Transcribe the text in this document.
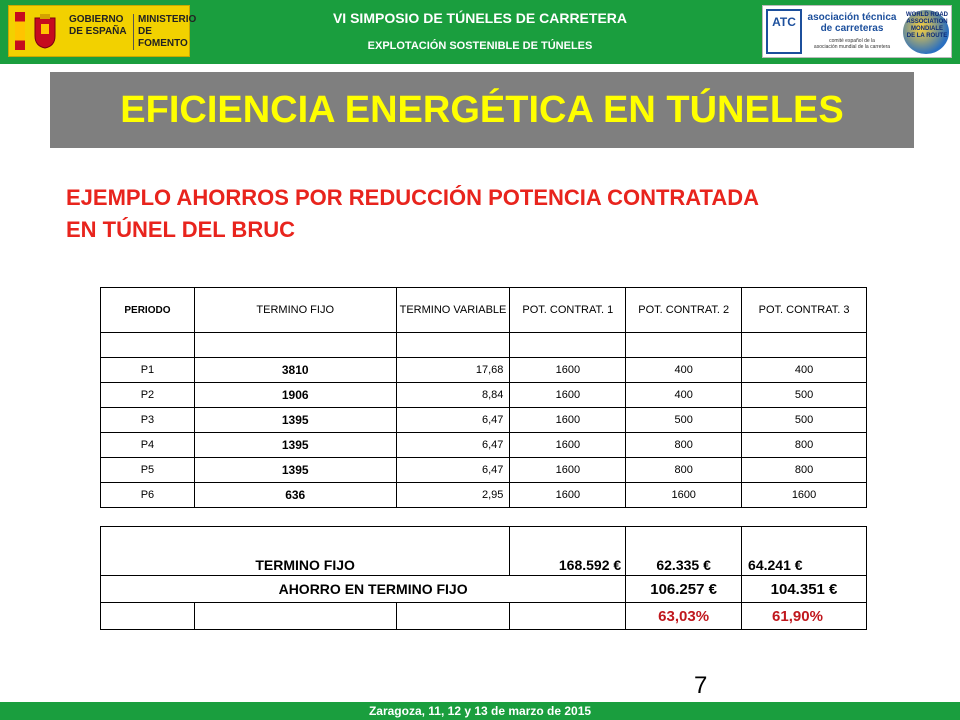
GOBIERNO
DE ESPAÑA
MINISTERIO
DE FOMENTO
VI SIMPOSIO DE TÚNELES DE CARRETERA
EXPLOTACIÓN SOSTENIBLE DE TÚNELES
ATC	asociación técnica
de carreteras
comité español de la
asociación mundial de la carretera
WORLD ROAD
ASSOCIATION
MONDIALE
DE LA ROUTE
EFICIENCIA ENERGÉTICA EN TÚNELES
EJEMPLO AHORROS POR REDUCCIÓN POTENCIA CONTRATADA
EN TÚNEL DEL BRUC
PERIODO	TERMINO FIJO	TERMINO VARIABLE	POT. CONTRAT. 1	POT. CONTRAT. 2	POT. CONTRAT. 3

P1	3810	17,68	1600	400	400
P2	1906	8,84	1600	400	500
P3	1395	6,47	1600	500	500
P4	1395	6,47	1600	800	800
P5	1395	6,47	1600	800	800
P6	636	2,95	1600	1600	1600
TERMINO FIJO			168.592 €	62.335 €	64.241 €
AHORRO EN TERMINO FIJO				106.257 €	104.351 €
				63,03%	61,90%
7
Zaragoza, 11, 12 y 13 de marzo de 2015
